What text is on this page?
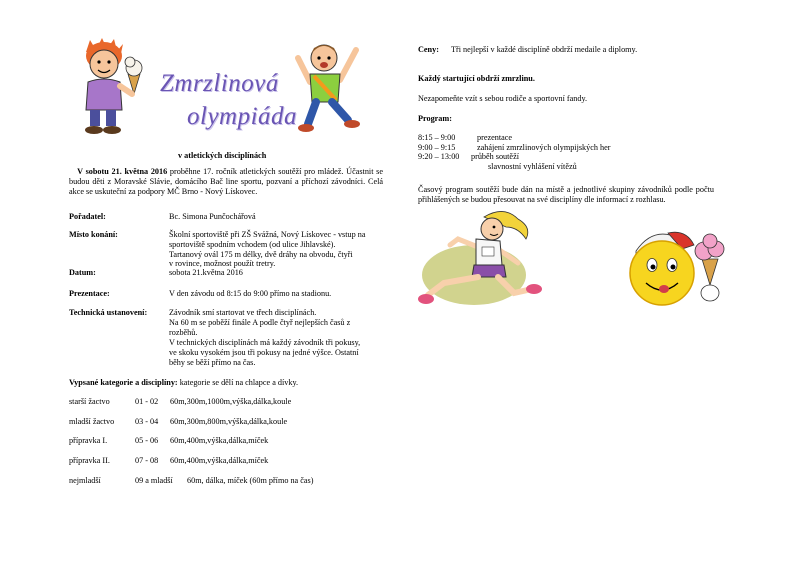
Zmrzlinová
olympiáda
v atletických disciplínách
V sobotu 21. května 2016 proběhne 17. ročník atletických soutěží pro mládež. Účastnit se budou děti z Moravské Slávie, domácího Bač line sportu, pozvaní a příchozí závodníci. Celá akce se uskuteční za podpory MČ Brno - Nový Lískovec.
Pořadatel:	Bc. Simona Punčochářová
Místo konání:	Školní sportoviště při ZŠ Svážná, Nový Lískovec - vstup na
sportoviště spodním vchodem (od ulice Jihlavské).
Tartanový ovál 175 m délky, dvě dráhy na obvodu, čtyři
v rovince, možnost použít tretry.
Datum:	sobota 21.května 2016
Prezentace:	V den závodu od 8:15 do 9:00 přímo na stadionu.
Technická ustanovení:	Závodník smí startovat ve třech disciplínách.
Na 60 m se poběží finále A podle čtyř nejlepších časů z
rozběhů.
V technických disciplínách má každý závodník tři pokusy,
ve skoku vysokém jsou tři pokusy na jedné výšce. Ostatní
běhy se běží přímo na čas.
Vypsané kategorie a disciplíny: kategorie se dělí na chlapce a dívky.
starší žactvo	01 - 02 60m,300m,1000m,výška,dálka,koule
mladší žactvo	03 - 04 60m,300m,800m,výška,dálka,koule
přípravka I.	05 - 06 60m,400m,výška,dálka,míček
přípravka II.	07 - 08 60m,400m,výška,dálka,míček
nejmladší	09 a mladší 60m, dálka, míček (60m přímo na čas)
Ceny: Tři nejlepší v každé disciplíně obdrží medaile a diplomy.
Každý startující obdrží zmrzlinu.
Nezapomeňte vzít s sebou rodiče a sportovní fandy.
Program:
8:15 – 9:00	prezentace
9:00 – 9:15	zahájení zmrzlinových olympijských her
9:20 – 13:00 průběh soutěží
slavnostní vyhlášení vítězů
Časový program soutěží bude dán na místě a jednotlivé skupiny závodníků podle počtu přihlášených se budou přesouvat na své disciplíny dle informací z rozhlasu.
